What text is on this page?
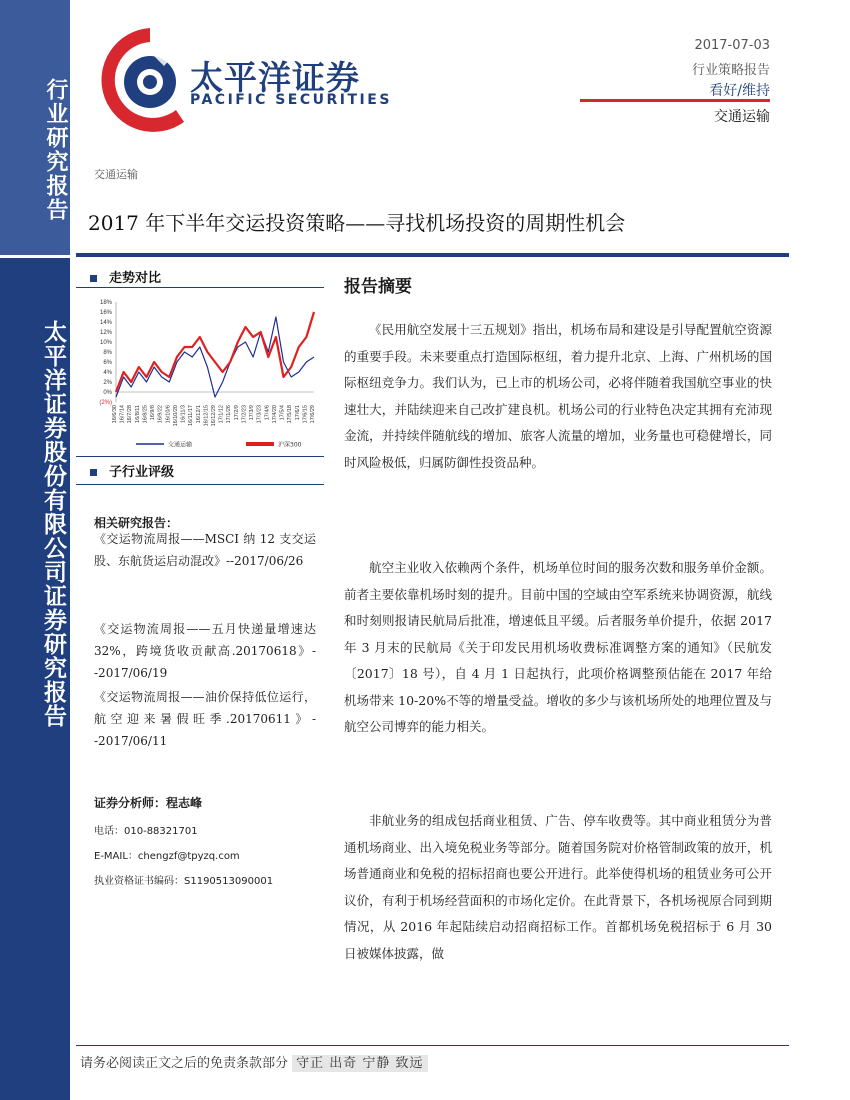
行业研究报告
太平洋证券股份有限公司证券研究报告
太平洋证券
PACIFIC SECURITIES
2017-07-03
行业策略报告
看好/维持
交通运输
交通运输
2017 年下半年交运投资策略——寻找机场投资的周期性机会
走势对比
18%
16%
14%
12%
10%
8%
6%
4%
2%
0%
(2%)
16/6/30 16/7/14 16/7/28 16/8/11 16/8/25 16/9/8 16/9/22 16/10/6 16/10/20 16/11/3 16/11/17 16/12/1 16/12/15 16/12/29 17/1/12 17/1/26 17/2/9 17/2/23 17/3/9 17/3/23 17/4/6 17/4/20 17/5/4 17/5/18 17/6/1 17/6/15 17/6/29
交通运输	沪深300
子行业评级
相关研究报告：
《交运物流周报——MSCI 纳 12 支交运股、东航货运启动混改》--2017/06/26
《交运物流周报——五月快递量增速达 32%，跨境货收贡献高.20170618》--2017/06/19
《交运物流周报——油价保持低位运行，航空迎来暑假旺季.20170611》--2017/06/11
证券分析师：程志峰
电话：010-88321701
E-MAIL：chengzf@tpyzq.com
执业资格证书编码：S1190513090001
报告摘要

《民用航空发展十三五规划》指出，机场布局和建设是引导配置航空资源的重要手段。未来要重点打造国际枢纽，着力提升北京、上海、广州机场的国际枢纽竞争力。我们认为，已上市的机场公司，必将伴随着我国航空事业的快速壮大，并陆续迎来自己改扩建良机。机场公司的行业特色决定其拥有充沛现金流，并持续伴随航线的增加、旅客人流量的增加，业务量也可稳健增长，同时风险极低，归属防御性投资品种。

航空主业收入依赖两个条件，机场单位时间的服务次数和服务单价金额。前者主要依靠机场时刻的提升。目前中国的空域由空军系统来协调资源，航线和时刻则报请民航局后批准，增速低且平缓。后者服务单价提升，依据 2017 年 3 月末的民航局《关于印发民用机场收费标准调整方案的通知》（民航发〔2017〕18 号），自 4 月 1 日起执行，此项价格调整预估能在 2017 年给机场带来 10-20%不等的增量受益。增收的多少与该机场所处的地理位置及与航空公司博弈的能力相关。

非航业务的组成包括商业租赁、广告、停车收费等。其中商业租赁分为普通机场商业、出入境免税业务等部分。随着国务院对价格管制政策的放开，机场普通商业和免税的招标招商也要公开进行。此举使得机场的租赁业务可公开议价，有利于机场经营面积的市场化定价。在此背景下，各机场视原合同到期情况，从 2016 年起陆续启动招商招标工作。首都机场免税招标于 6 月 30 日被媒体披露，做

请务必阅读正文之后的免责条款部分 守正 出奇 宁静 致远
